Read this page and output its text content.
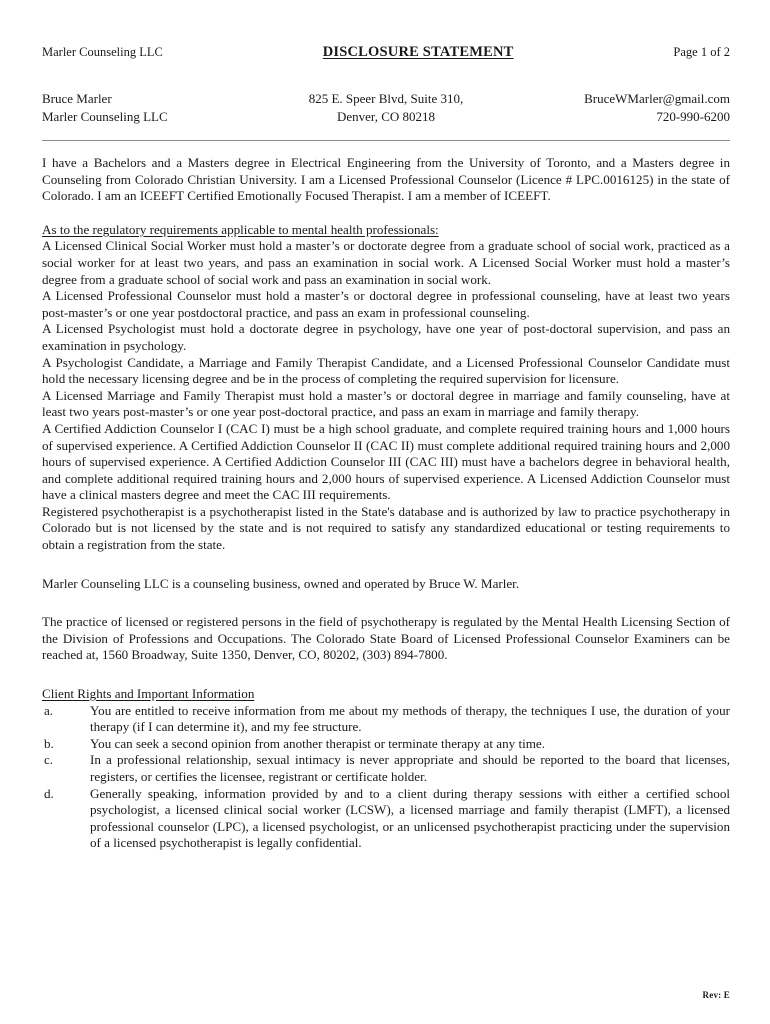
Marler Counseling LLC	DISCLOSURE STATEMENT	Page 1 of 2
Bruce Marler
Marler Counseling LLC
825 E. Speer Blvd, Suite 310,
Denver, CO 80218
BruceWMarler@gmail.com
720-990-6200

I have a Bachelors and a Masters degree in Electrical Engineering from the University of Toronto, and a Masters degree in Counseling from Colorado Christian University. I am a Licensed Professional Counselor (Licence # LPC.0016125) in the state of Colorado. I am an ICEEFT Certified Emotionally Focused Therapist. I am a member of ICEEFT.

As to the regulatory requirements applicable to mental health professionals:

A Licensed Clinical Social Worker must hold a master’s or doctorate degree from a graduate school of social work, practiced as a social worker for at least two years, and pass an examination in social work. A Licensed Social Worker must hold a master’s degree from a graduate school of social work and pass an examination in social work.

A Licensed Professional Counselor must hold a master’s or doctoral degree in professional counseling, have at least two years post-master’s or one year postdoctoral practice, and pass an exam in professional counseling.

A Licensed Psychologist must hold a doctorate degree in psychology, have one year of post-doctoral supervision, and pass an examination in psychology.

A Psychologist Candidate, a Marriage and Family Therapist Candidate, and a Licensed Professional Counselor Candidate must hold the necessary licensing degree and be in the process of completing the required supervision for licensure.

A Licensed Marriage and Family Therapist must hold a master’s or doctoral degree in marriage and family counseling, have at least two years post-master’s or one year post-doctoral practice, and pass an exam in marriage and family therapy.

A Certified Addiction Counselor I (CAC I) must be a high school graduate, and complete required training hours and 1,000 hours of supervised experience. A Certified Addiction Counselor II (CAC II) must complete additional required training hours and 2,000 hours of supervised experience. A Certified Addiction Counselor III (CAC III) must have a bachelors degree in behavioral health, and complete additional required training hours and 2,000 hours of supervised experience. A Licensed Addiction Counselor must have a clinical masters degree and meet the CAC III requirements.

Registered psychotherapist is a psychotherapist listed in the State's database and is authorized by law to practice psychotherapy in Colorado but is not licensed by the state and is not required to satisfy any standardized educational or testing requirements to obtain a registration from the state.

Marler Counseling LLC is a counseling business, owned and operated by Bruce W. Marler.

The practice of licensed or registered persons in the field of psychotherapy is regulated by the Mental Health Licensing Section of the Division of Professions and Occupations. The Colorado State Board of Licensed Professional Counselor Examiners can be reached at, 1560 Broadway, Suite 1350, Denver, CO, 80202, (303) 894-7800.

Client Rights and Important Information
a.	You are entitled to receive information from me about my methods of therapy, the techniques I use, the duration of your therapy (if I can determine it), and my fee structure.
b.	You can seek a second opinion from another therapist or terminate therapy at any time.
c.	In a professional relationship, sexual intimacy is never appropriate and should be reported to the board that licenses, registers, or certifies the licensee, registrant or certificate holder.
d.	Generally speaking, information provided by and to a client during therapy sessions with either a certified school psychologist, a licensed clinical social worker (LCSW), a licensed marriage and family therapist (LMFT), a licensed professional counselor (LPC), a licensed psychologist, or an unlicensed psychotherapist practicing under the supervision of a licensed psychotherapist is legally confidential.
Rev: E
